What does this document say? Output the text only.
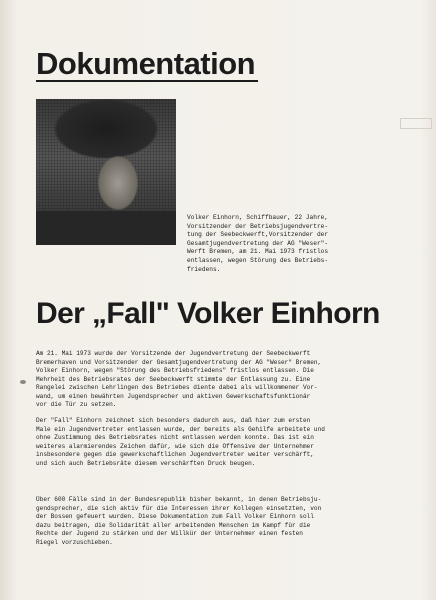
Dokumentation
Volker Einhorn, Schiffbauer, 22 Jahre,
Vorsitzender der Betriebsjugendvertre-
tung der Seebeckwerft,Vorsitzender der
Gesamtjugendvertretung der AG "Weser"-
Werft Bremen, am 21. Mai 1973 fristlos
entlassen, wegen Störung des Betriebs-
friedens.
Der „Fall" Volker Einhorn
Am 21. Mai 1973 wurde der Vorsitzende der Jugendvertretung der Seebeckwerft
Bremerhaven und Vorsitzender der Gesamtjugendvertretung der AG "Weser" Bremen,
Volker Einhorn, wegen "Störung des Betriebsfriedens" fristlos entlassen. Die
Mehrheit des Betriebsrates der Seebeckwerft stimmte der Entlassung zu. Eine
Rangelei zwischen Lehrlingen des Betriebes diente dabei als willkommener Vor-
wand, um einen bewährten Jugendsprecher und aktiven Gewerkschaftsfunktionär
vor die Tür zu setzen.
Der "Fall" Einhorn zeichnet sich besonders dadurch aus, daß hier zum ersten
Male ein Jugendvertreter entlassen wurde, der bereits als Gehilfe arbeitete und
ohne Zustimmung des Betriebsrates nicht entlassen werden konnte. Das ist ein
weiteres alarmierendes Zeichen dafür, wie sich die Offensive der Unternehmer
insbesondere gegen die gewerkschaftlichen Jugendvertreter weiter verschärft,
und sich auch Betriebsräte diesem verschärften Druck beugen.
Über 600 Fälle sind in der Bundesrepublik bisher bekannt, in denen Betriebsju-
gendsprecher, die sich aktiv für die Interessen ihrer Kollegen einsetzten, von
der Bossen gefeuert wurden. Diese Dokumentation zum Fall Volker Einhorn soll
dazu beitragen, die Solidarität aller arbeitenden Menschen im Kampf für die
Rechte der Jugend zu stärken und der Willkür der Unternehmer einen festen
Riegel vorzuschieben.
